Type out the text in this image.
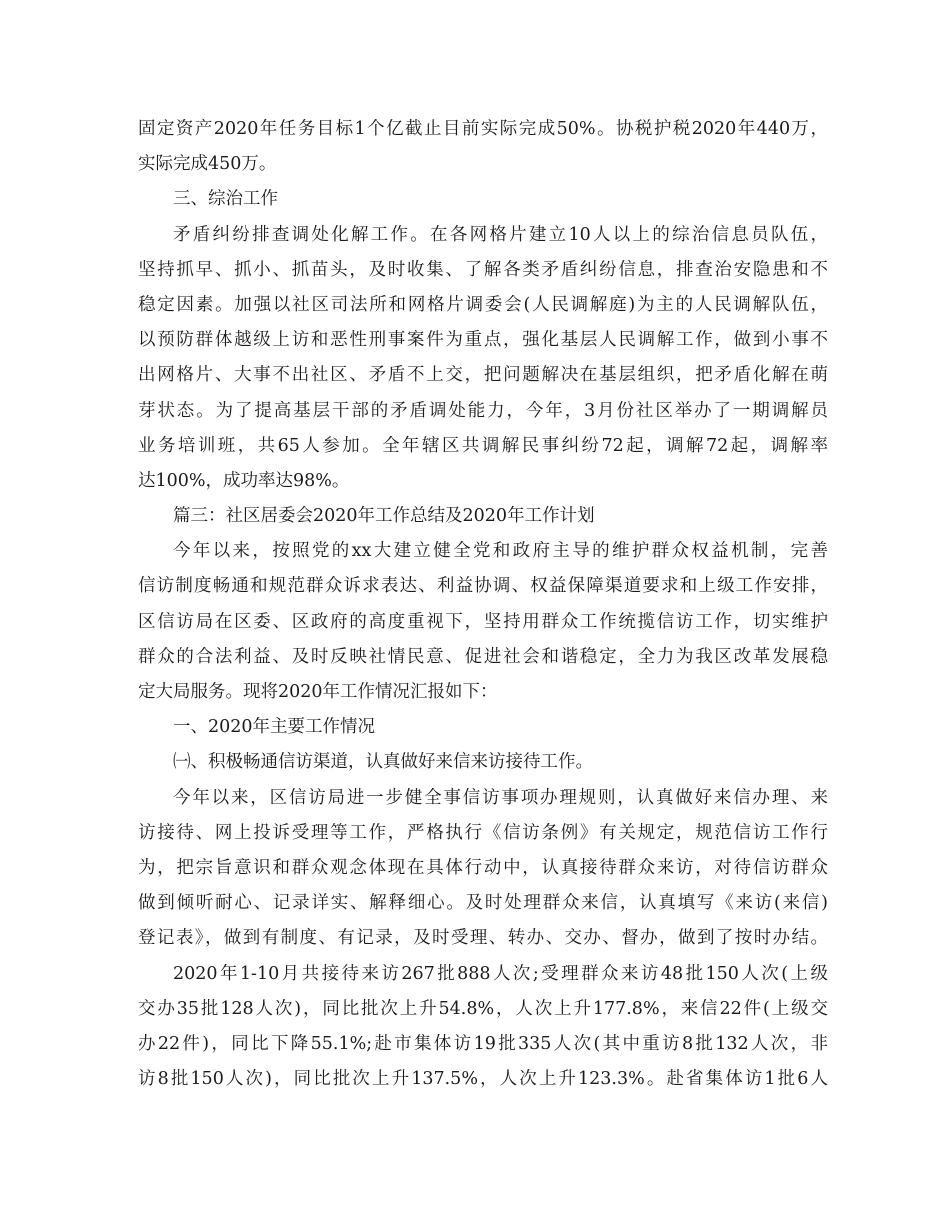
固定资产2020年任务目标1个亿截止目前实际完成50%。协税护税2020年440万，
实际完成450万。
三、综治工作
矛盾纠纷排查调处化解工作。在各网格片建立10人以上的综治信息员队伍，
坚持抓早、抓小、抓苗头，及时收集、了解各类矛盾纠纷信息，排查治安隐患和不
稳定因素。加强以社区司法所和网格片调委会(人民调解庭)为主的人民调解队伍，
以预防群体越级上访和恶性刑事案件为重点，强化基层人民调解工作，做到小事不
出网格片、大事不出社区、矛盾不上交，把问题解决在基层组织，把矛盾化解在萌
芽状态。为了提高基层干部的矛盾调处能力，今年，3月份社区举办了一期调解员
业务培训班，共65人参加。全年辖区共调解民事纠纷72起，调解72起，调解率
达100%，成功率达98%。
篇三：社区居委会2020年工作总结及2020年工作计划
今年以来，按照党的xx大建立健全党和政府主导的维护群众权益机制，完善
信访制度畅通和规范群众诉求表达、利益协调、权益保障渠道要求和上级工作安排，
区信访局在区委、区政府的高度重视下，坚持用群众工作统揽信访工作，切实维护
群众的合法利益、及时反映社情民意、促进社会和谐稳定，全力为我区改革发展稳
定大局服务。现将2020年工作情况汇报如下：
一、2020年主要工作情况
㈠、积极畅通信访渠道，认真做好来信来访接待工作。
今年以来，区信访局进一步健全事信访事项办理规则，认真做好来信办理、来
访接待、网上投诉受理等工作，严格执行《信访条例》有关规定，规范信访工作行
为，把宗旨意识和群众观念体现在具体行动中，认真接待群众来访，对待信访群众
做到倾听耐心、记录详实、解释细心。及时处理群众来信，认真填写《来访(来信)
登记表》，做到有制度、有记录，及时受理、转办、交办、督办，做到了按时办结。
2020年1-10月共接待来访267批888人次;受理群众来访48批150人次(上级
交办35批128人次)，同比批次上升54.8%，人次上升177.8%，来信22件(上级交
办22件)，同比下降55.1%;赴市集体访19批335人次(其中重访8批132人次，非
访8批150人次)，同比批次上升137.5%，人次上升123.3%。赴省集体访1批6人
